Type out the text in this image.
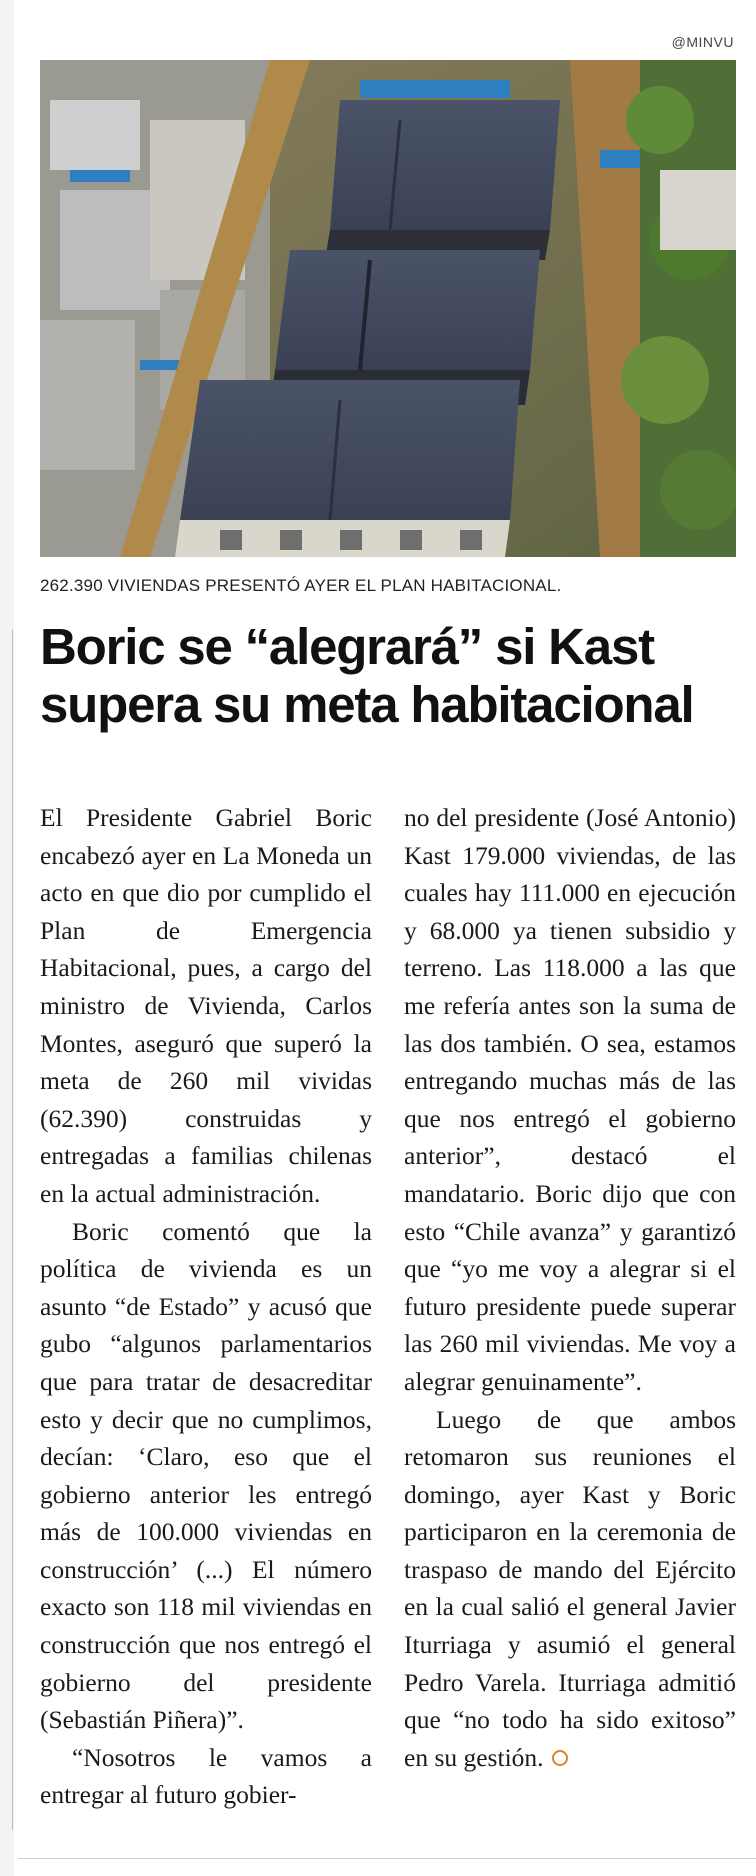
@MINVU
262.390 VIVIENDAS PRESENTÓ AYER EL PLAN HABITACIONAL.
Boric se “alegrará” si Kast supera su meta habitacional

El Presidente Gabriel Boric encabezó ayer en La Moneda un acto en que dio por cumplido el Plan de Emergencia Habitacional, pues, a cargo del ministro de Vivienda, Carlos Montes, aseguró que superó la meta de 260 mil vividas (62.390) construidas y entregadas a familias chilenas en la actual administración.

Boric comentó que la política de vivienda es un asunto “de Estado” y acusó que gubo “algunos parlamentarios que para tratar de desacreditar esto y decir que no cumplimos, decían: ‘Claro, eso que el gobierno anterior les entregó más de 100.000 viviendas en construcción’ (...) El número exacto son 118 mil viviendas en construcción que nos entregó el gobierno del presidente (Sebastián Piñera)”.

“Nosotros le vamos a entregar al futuro gobier-

no del presidente (José Antonio) Kast 179.000 viviendas, de las cuales hay 111.000 en ejecución y 68.000 ya tienen subsidio y terreno. Las 118.000 a las que me refería antes son la suma de las dos también. O sea, estamos entregando muchas más de las que nos entregó el gobierno anterior”, destacó el mandatario. Boric dijo que con esto “Chile avanza” y garantizó que “yo me voy a alegrar si el futuro presidente puede superar las 260 mil viviendas. Me voy a alegrar genuinamente”.

Luego de que ambos retomaron sus reuniones el domingo, ayer Kast y Boric participaron en la ceremonia de traspaso de mando del Ejército en la cual salió el general Javier Iturriaga y asumió el general Pedro Varela. Iturriaga admitió que “no todo ha sido exitoso” en su gestión.
